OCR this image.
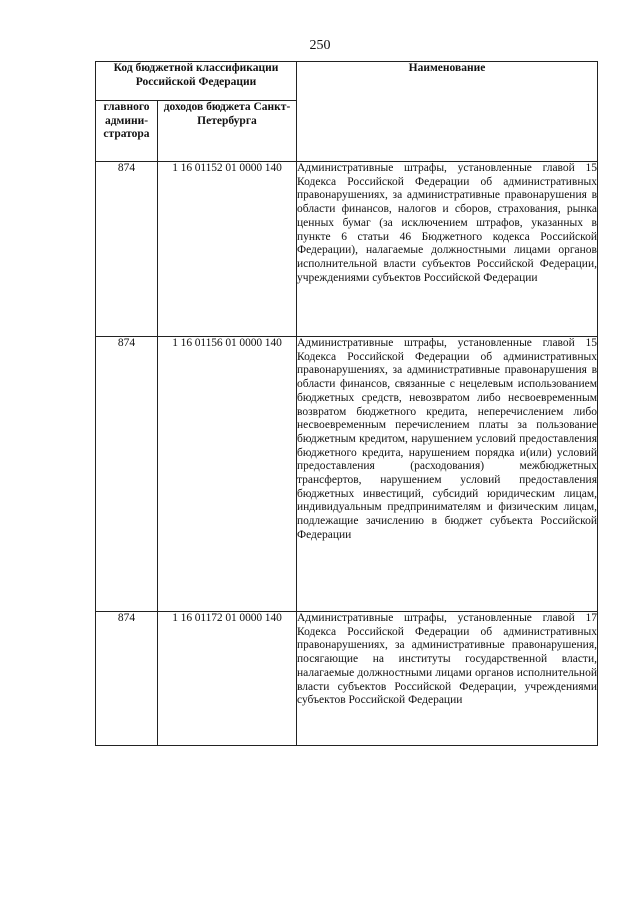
250
Код бюджетной классификации Российской Федерации		Наименование
главного админи-стратора	доходов бюджета Санкт-Петербурга	
874	1 16 01152 01 0000 140	Административные штрафы, установленные главой 15 Кодекса Российской Федерации об административных правонарушениях, за административные правонарушения в области финансов, налогов и сборов, страхования, рынка ценных бумаг (за исключением штрафов, указанных в пункте 6 статьи 46 Бюджетного кодекса Российской Федерации), налагаемые должностными лицами органов исполнительной власти субъектов Российской Федерации, учреждениями субъектов Российской Федерации
874	1 16 01156 01 0000 140	Административные штрафы, установленные главой 15 Кодекса Российской Федерации об административных правонарушениях, за административные правонарушения в области финансов, связанные с нецелевым использованием бюджетных средств, невозвратом либо несвоевременным возвратом бюджетного кредита, неперечислением либо несвоевременным перечислением платы за пользование бюджетным кредитом, нарушением условий предоставления бюджетного кредита, нарушением порядка и(или) условий предоставления (расходования) межбюджетных трансфертов, нарушением условий предоставления бюджетных инвестиций, субсидий юридическим лицам, индивидуальным предпринимателям и физическим лицам, подлежащие зачислению в бюджет субъекта Российской Федерации
874	1 16 01172 01 0000 140	Административные штрафы, установленные главой 17 Кодекса Российской Федерации об административных правонарушениях, за административные правонарушения, посягающие на институты государственной власти, налагаемые должностными лицами органов исполнительной власти субъектов Российской Федерации, учреждениями субъектов Российской Федерации
